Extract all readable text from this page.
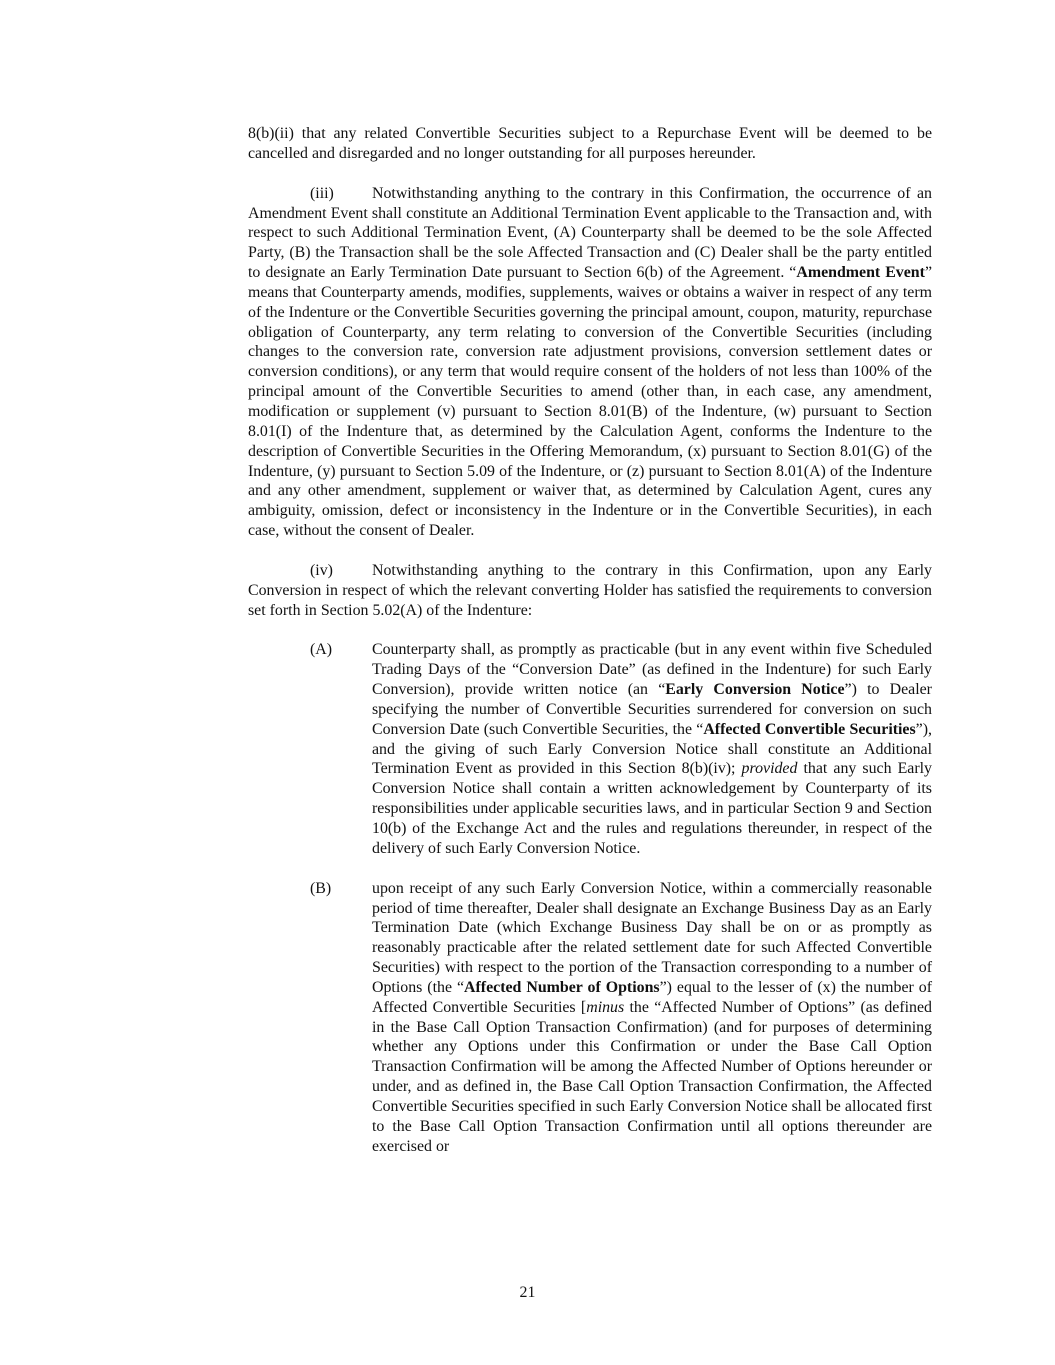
8(b)(ii) that any related Convertible Securities subject to a Repurchase Event will be deemed to be cancelled and disregarded and no longer outstanding for all purposes hereunder.

(iii) Notwithstanding anything to the contrary in this Confirmation, the occurrence of an Amendment Event shall constitute an Additional Termination Event applicable to the Transaction and, with respect to such Additional Termination Event, (A) Counterparty shall be deemed to be the sole Affected Party, (B) the Transaction shall be the sole Affected Transaction and (C) Dealer shall be the party entitled to designate an Early Termination Date pursuant to Section 6(b) of the Agreement. “Amendment Event” means that Counterparty amends, modifies, supplements, waives or obtains a waiver in respect of any term of the Indenture or the Convertible Securities governing the principal amount, coupon, maturity, repurchase obligation of Counterparty, any term relating to conversion of the Convertible Securities (including changes to the conversion rate, conversion rate adjustment provisions, conversion settlement dates or conversion conditions), or any term that would require consent of the holders of not less than 100% of the principal amount of the Convertible Securities to amend (other than, in each case, any amendment, modification or supplement (v) pursuant to Section 8.01(B) of the Indenture, (w) pursuant to Section 8.01(I) of the Indenture that, as determined by the Calculation Agent, conforms the Indenture to the description of Convertible Securities in the Offering Memorandum, (x) pursuant to Section 8.01(G) of the Indenture, (y) pursuant to Section 5.09 of the Indenture, or (z) pursuant to Section 8.01(A) of the Indenture and any other amendment, supplement or waiver that, as determined by Calculation Agent, cures any ambiguity, omission, defect or inconsistency in the Indenture or in the Convertible Securities), in each case, without the consent of Dealer.

(iv) Notwithstanding anything to the contrary in this Confirmation, upon any Early Conversion in respect of which the relevant converting Holder has satisfied the requirements to conversion set forth in Section 5.02(A) of the Indenture:

(A)	Counterparty shall, as promptly as practicable (but in any event within five Scheduled Trading Days of the “Conversion Date” (as defined in the Indenture) for such Early Conversion), provide written notice (an “Early Conversion Notice”) to Dealer specifying the number of Convertible Securities surrendered for conversion on such Conversion Date (such Convertible Securities, the “Affected Convertible Securities”), and the giving of such Early Conversion Notice shall constitute an Additional Termination Event as provided in this Section 8(b)(iv); provided that any such Early Conversion Notice shall contain a written acknowledgement by Counterparty of its responsibilities under applicable securities laws, and in particular Section 9 and Section 10(b) of the Exchange Act and the rules and regulations thereunder, in respect of the delivery of such Early Conversion Notice.
(B)	upon receipt of any such Early Conversion Notice, within a commercially reasonable period of time thereafter, Dealer shall designate an Exchange Business Day as an Early Termination Date (which Exchange Business Day shall be on or as promptly as reasonably practicable after the related settlement date for such Affected Convertible Securities) with respect to the portion of the Transaction corresponding to a number of Options (the “Affected Number of Options”) equal to the lesser of (x) the number of Affected Convertible Securities [minus the “Affected Number of Options” (as defined in the Base Call Option Transaction Confirmation) (and for purposes of determining whether any Options under this Confirmation or under the Base Call Option Transaction Confirmation will be among the Affected Number of Options hereunder or under, and as defined in, the Base Call Option Transaction Confirmation, the Affected Convertible Securities specified in such Early Conversion Notice shall be allocated first to the Base Call Option Transaction Confirmation until all options thereunder are exercised or
21
